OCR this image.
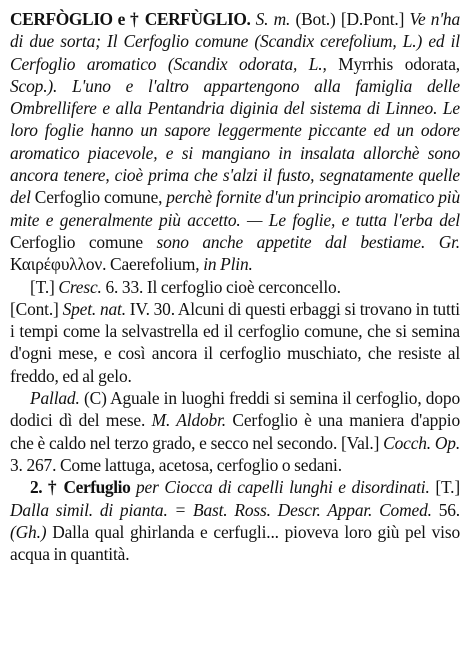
CERFÒGLIO e † CERFÙGLIO. S. m. (Bot.) [D.Pont.] Ve n'ha di due sorta; Il Cerfoglio comune (Scandix cerefolium, L.) ed il Cerfoglio aromatico (Scandix odorata, L., Myrrhis odorata, Scop.). L'uno e l'altro appartengono alla famiglia delle Ombrellifere e alla Pentandria diginia del sistema di Linneo. Le loro foglie hanno un sapore leggermente piccante ed un odore aromatico piacevole, e si mangiano in insalata allorchè sono ancora tenere, cioè prima che s'alzi il fusto, segnatamente quelle del Cerfoglio comune, perchè fornite d'un principio aromatico più mite e generalmente più accetto. — Le foglie, e tutta l'erba del Cerfoglio comune sono anche appetite dal bestiame. Gr. Καιρέφυλλον. Caerefolium, in Plin.

[T.] Cresc. 6. 33. Il cerfoglio cioè cerconcello.
[Cont.] Spet. nat. IV. 30. Alcuni di questi erbaggi si trovano in tutti i tempi come la selvastrella ed il cerfoglio comune, che si semina d'ogni mese, e così ancora il cerfoglio muschiato, che resiste al freddo, ed al gelo.

Pallad. (C) Aguale in luoghi freddi si semina il cerfoglio, dopo dodici dì del mese. M. Aldobr. Cerfoglio è una maniera d'appio che è caldo nel terzo grado, e secco nel secondo. [Val.] Cocch. Op. 3. 267. Come lattuga, acetosa, cerfoglio o sedani.

2. † Cerfuglio per Ciocca di capelli lunghi e disordinati. [T.] Dalla simil. di pianta. = Bast. Ross. Descr. Appar. Comed. 56. (Gh.) Dalla qual ghirlanda e cerfugli... pioveva loro giù pel viso acqua in quantità.
